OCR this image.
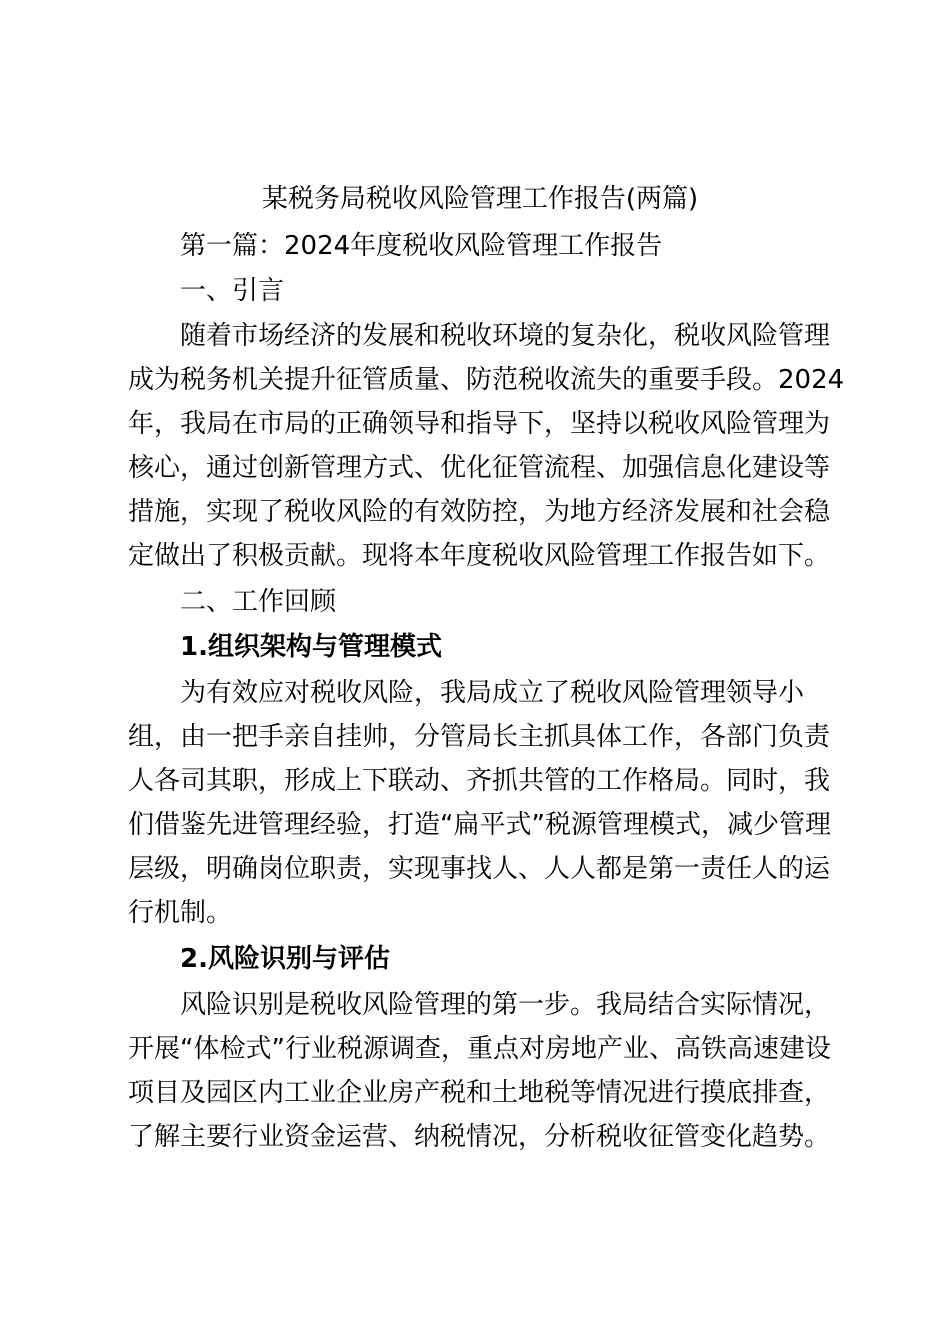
某税务局税收风险管理工作报告(两篇)
第一篇：2024年度税收风险管理工作报告
一、引言
随着市场经济的发展和税收环境的复杂化，税收风险管理
成为税务机关提升征管质量、防范税收流失的重要手段。2024
年，我局在市局的正确领导和指导下，坚持以税收风险管理为
核心，通过创新管理方式、优化征管流程、加强信息化建设等
措施，实现了税收风险的有效防控，为地方经济发展和社会稳
定做出了积极贡献。现将本年度税收风险管理工作报告如下。
二、工作回顾
1.组织架构与管理模式
为有效应对税收风险，我局成立了税收风险管理领导小
组，由一把手亲自挂帅，分管局长主抓具体工作，各部门负责
人各司其职，形成上下联动、齐抓共管的工作格局。同时，我
们借鉴先进管理经验，打造“扁平式”税源管理模式，减少管理
层级，明确岗位职责，实现事找人、人人都是第一责任人的运
行机制。
2.风险识别与评估
风险识别是税收风险管理的第一步。我局结合实际情况，
开展“体检式”行业税源调查，重点对房地产业、高铁高速建设
项目及园区内工业企业房产税和土地税等情况进行摸底排查，
了解主要行业资金运营、纳税情况，分析税收征管变化趋势。
